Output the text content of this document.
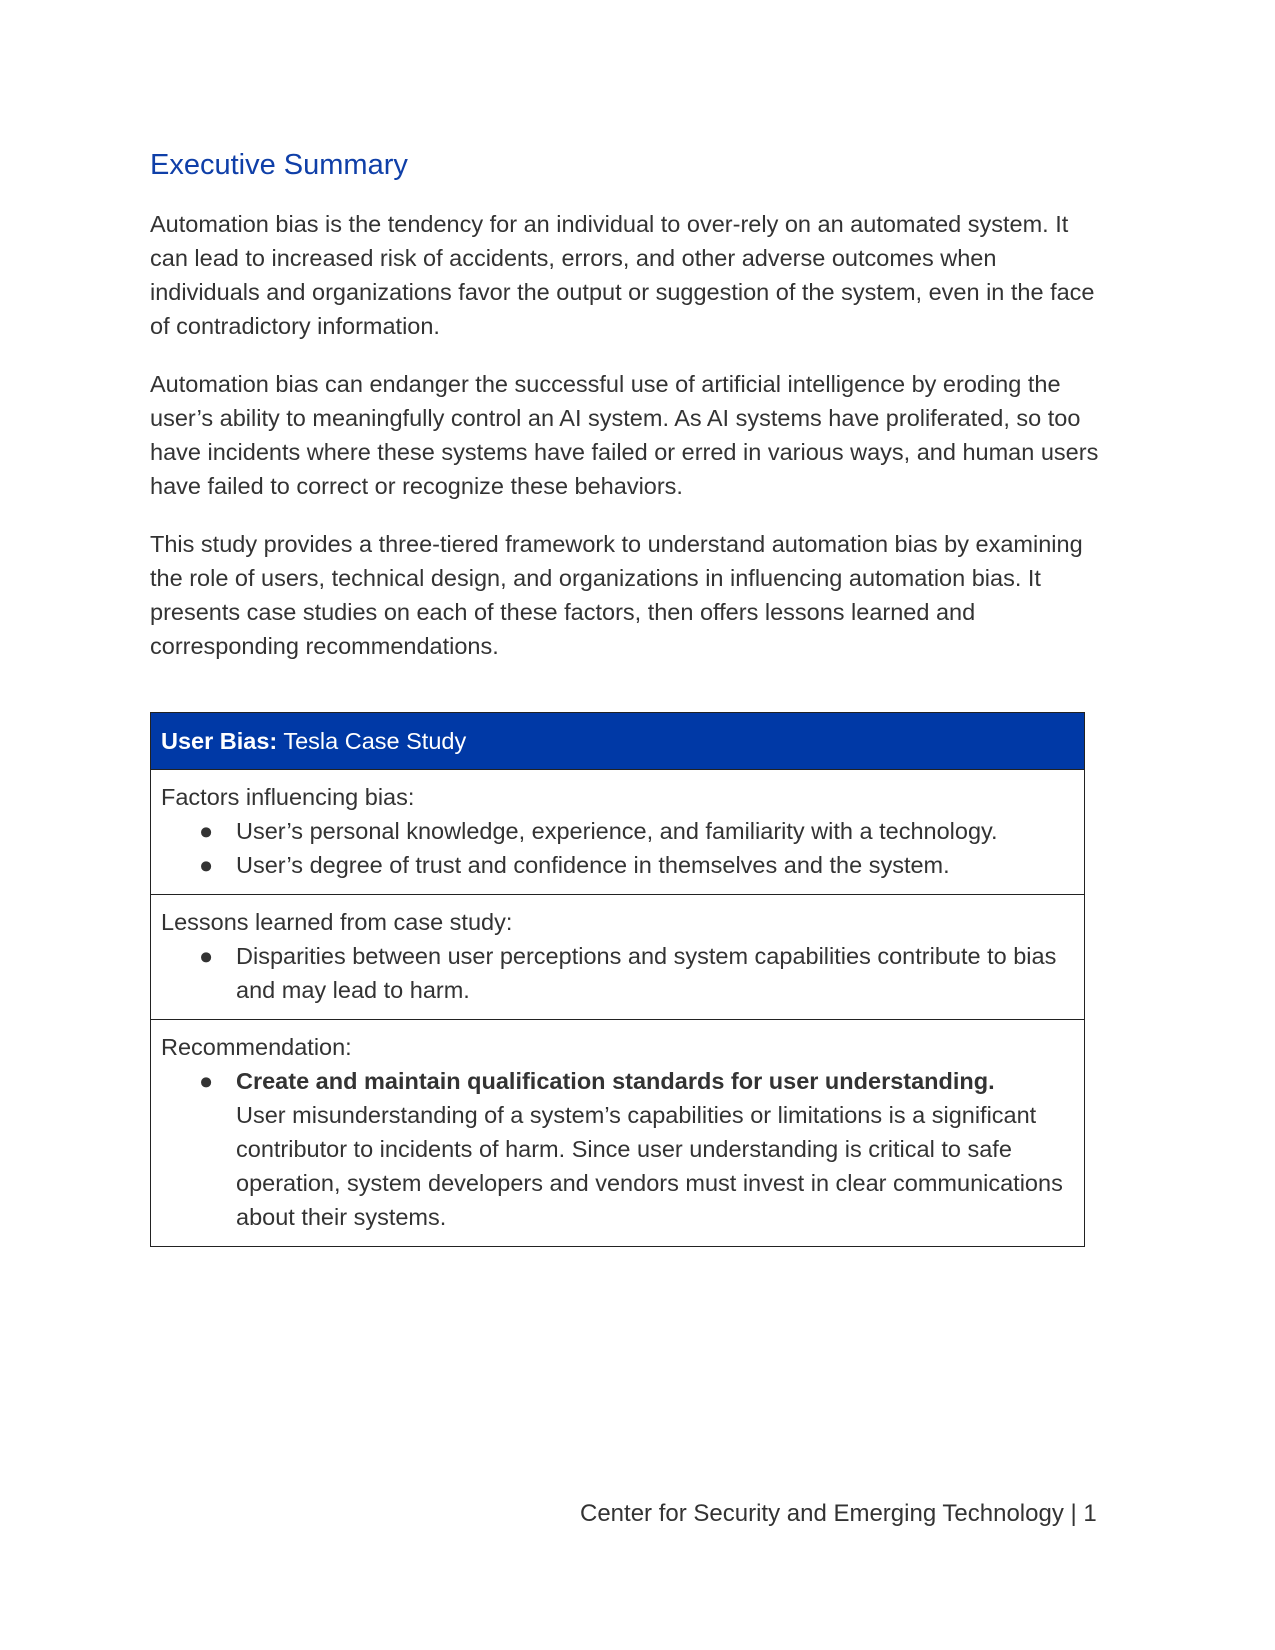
Executive Summary

Automation bias is the tendency for an individual to over-rely on an automated system. It can lead to increased risk of accidents, errors, and other adverse outcomes when individuals and organizations favor the output or suggestion of the system, even in the face of contradictory information.

Automation bias can endanger the successful use of artificial intelligence by eroding the user’s ability to meaningfully control an AI system. As AI systems have proliferated, so too have incidents where these systems have failed or erred in various ways, and human users have failed to correct or recognize these behaviors.

This study provides a three-tiered framework to understand automation bias by examining the role of users, technical design, and organizations in influencing automation bias. It presents case studies on each of these factors, then offers lessons learned and corresponding recommendations.

User Bias: Tesla Case Study
Factors influencing bias:
● User’s personal knowledge, experience, and familiarity with a technology.
● User’s degree of trust and confidence in themselves and the system.
Lessons learned from case study:
● Disparities between user perceptions and system capabilities contribute to bias and may lead to harm.
Recommendation:
● Create and maintain qualification standards for user understanding.
User misunderstanding of a system’s capabilities or limitations is a significant contributor to incidents of harm. Since user understanding is critical to safe operation, system developers and vendors must invest in clear communications about their systems.
Center for Security and Emerging Technology | 1
